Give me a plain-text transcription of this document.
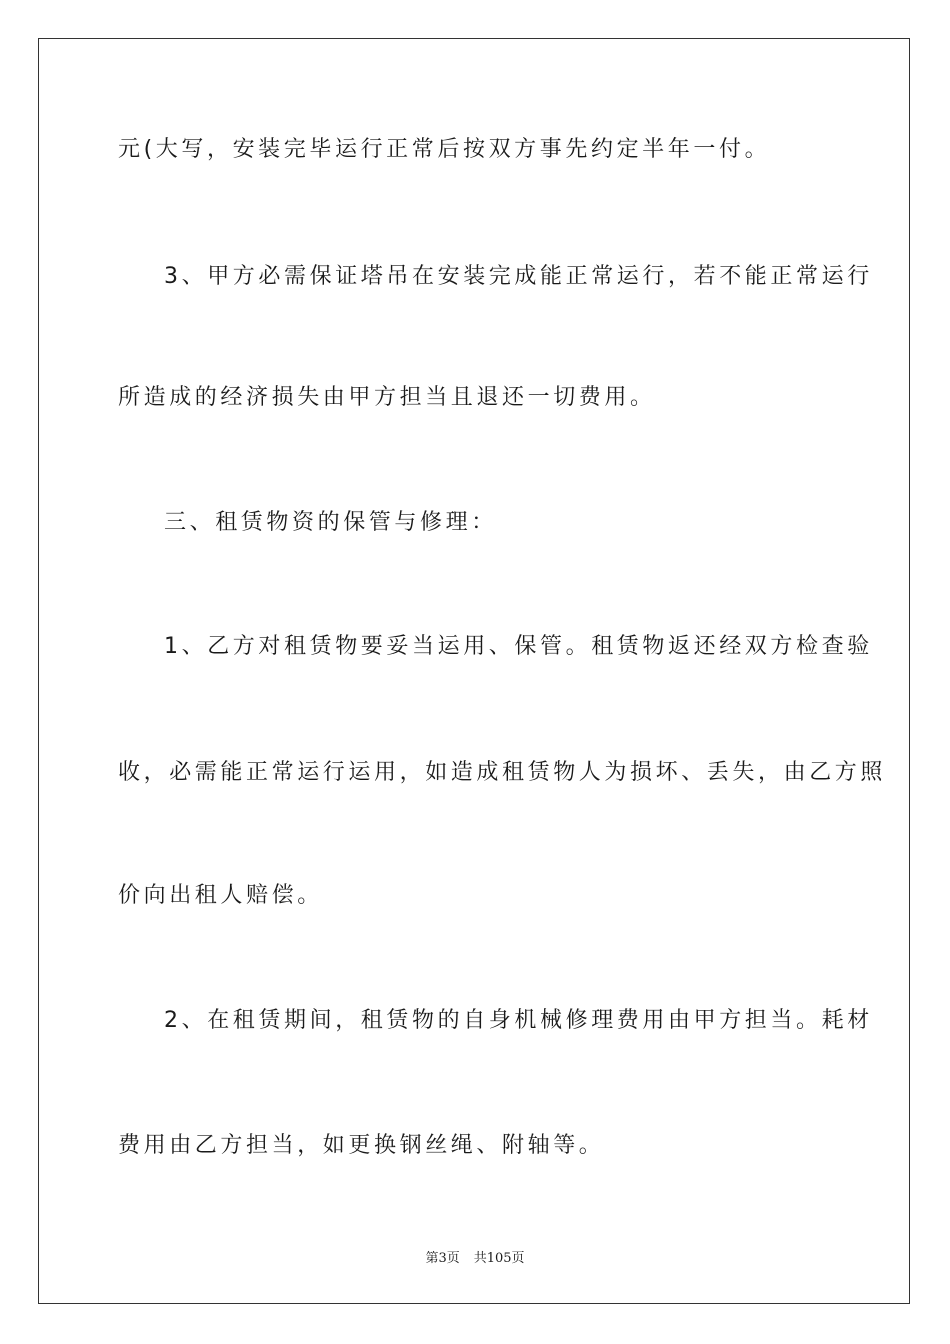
元(大写，安装完毕运行正常后按双方事先约定半年一付。
3、甲方必需保证塔吊在安装完成能正常运行，若不能正常运行
所造成的经济损失由甲方担当且退还一切费用。
三、租赁物资的保管与修理：
1、乙方对租赁物要妥当运用、保管。租赁物返还经双方检查验
收，必需能正常运行运用，如造成租赁物人为损坏、丢失，由乙方照
价向出租人赔偿。
2、在租赁期间，租赁物的自身机械修理费用由甲方担当。耗材
费用由乙方担当，如更换钢丝绳、附轴等。
第3页 共105页
